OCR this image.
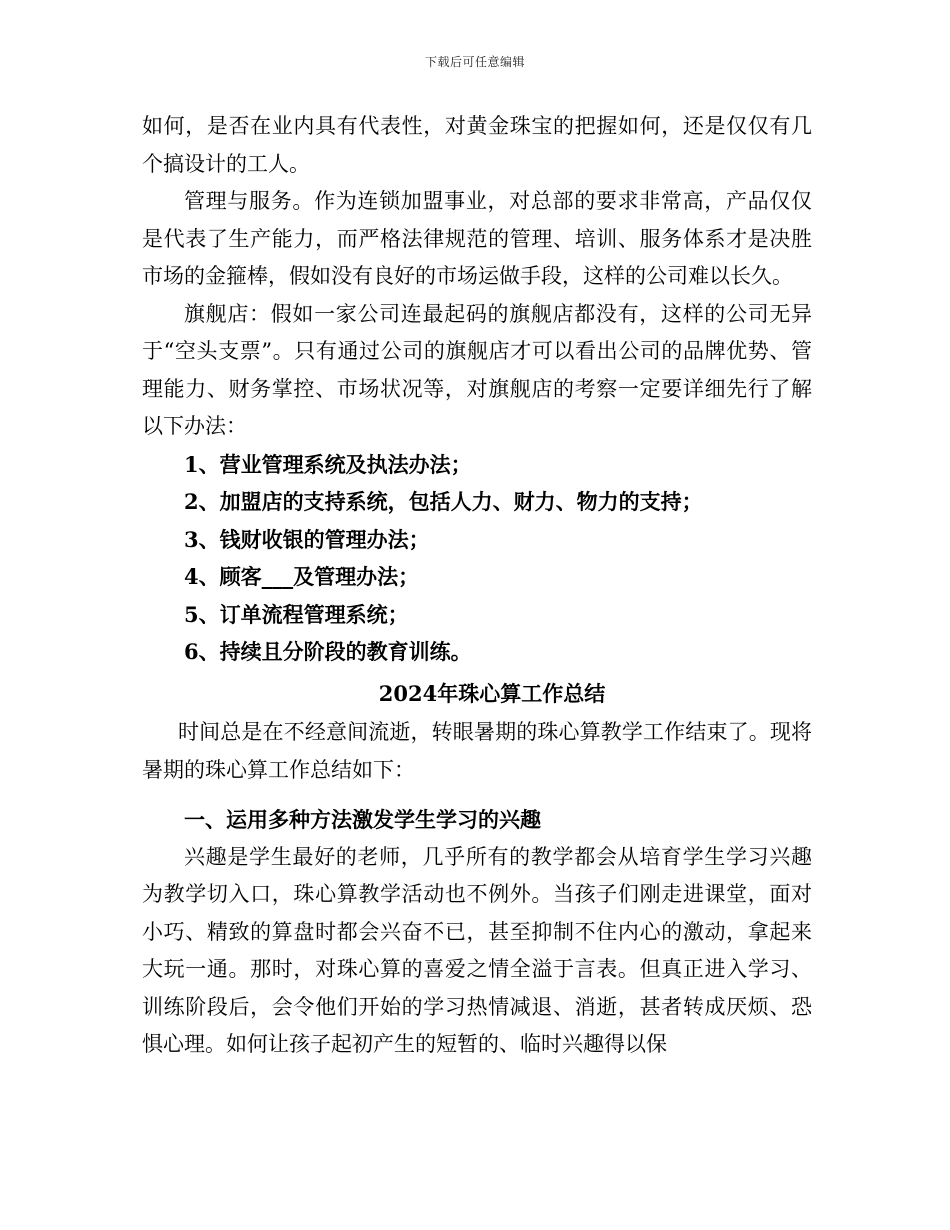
下载后可任意编辑

如何，是否在业内具有代表性，对黄金珠宝的把握如何，还是仅仅有几个搞设计的工人。

管理与服务。作为连锁加盟事业，对总部的要求非常高，产品仅仅是代表了生产能力，而严格法律规范的管理、培训、服务体系才是决胜市场的金箍棒，假如没有良好的市场运做手段，这样的公司难以长久。

旗舰店：假如一家公司连最起码的旗舰店都没有，这样的公司无异于“空头支票”。只有通过公司的旗舰店才可以看出公司的品牌优势、管理能力、财务掌控、市场状况等，对旗舰店的考察一定要详细先行了解以下办法：

1、营业管理系统及执法办法；
2、加盟店的支持系统，包括人力、财力、物力的支持；
3、钱财收银的管理办法；
4、顾客___及管理办法；
5、订单流程管理系统；
6、持续且分阶段的教育训练。
2024年珠心算工作总结

时间总是在不经意间流逝，转眼暑期的珠心算教学工作结束了。现将暑期的珠心算工作总结如下：

一、运用多种方法激发学生学习的兴趣

兴趣是学生最好的老师，几乎所有的教学都会从培育学生学习兴趣为教学切入口，珠心算教学活动也不例外。当孩子们刚走进课堂，面对小巧、精致的算盘时都会兴奋不已，甚至抑制不住内心的激动，拿起来大玩一通。那时，对珠心算的喜爱之情全溢于言表。但真正进入学习、训练阶段后，会令他们开始的学习热情减退、消逝，甚者转成厌烦、恐惧心理。如何让孩子起初产生的短暂的、临时兴趣得以保
